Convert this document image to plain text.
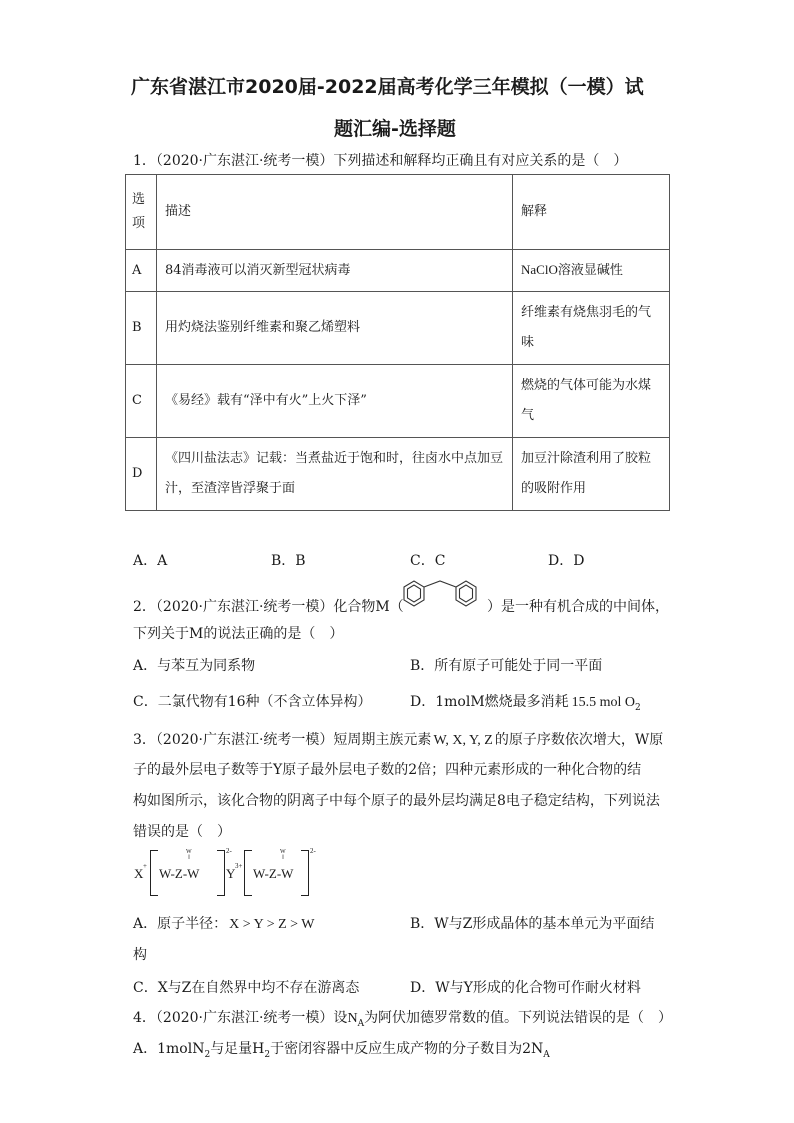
广东省湛江市2020届-2022届高考化学三年模拟（一模）试
题汇编-选择题
1．（2020·广东湛江·统考一模）下列描述和解释均正确且有对应关系的是（　）
选项	描述	解释
A	84消毒液可以消灭新型冠状病毒	NaClO溶液显碱性
B	用灼烧法鉴别纤维素和聚乙烯塑料	纤维素有烧焦羽毛的气味
C	《易经》载有“泽中有火”上火下泽”	燃烧的气体可能为水煤气
D	《四川盐法志》记载：当煮盐近于饱和时，往卤水中点加豆汁，至渣滓皆浮聚于面	加豆汁除渣利用了胶粒的吸附作用
A．A	B．B	C．C	D．D
2．（2020·广东湛江·统考一模）化合物M（	）是一种有机合成的中间体，
下列关于M的说法正确的是（　）
A．与苯互为同系物	B．所有原子可能处于同一平面
C．二氯代物有16种（不含立体异构）	D．1molM燃烧最多消耗 15.5 mol $O_2$
3．（2020·广东湛江·统考一模）短周期主族元素 W, X, Y, Z 的原子序数依次增大，W原
子的最外层电子数等于Y原子最外层电子数的2倍；四种元素形成的一种化合物的结
构如图所示，该化合物的阴离子中每个原子的最外层均满足8电子稳定结构，下列说法
错误的是（　）
X +
W
‖
W-Z-W
2-
Y 3+
W
‖
W-Z-W
2-
A．原子半径： X > Y > Z > W	B．W与Z形成晶体的基本单元为平面结
构
C．X与Z在自然界中均不存在游离态	D．W与Y形成的化合物可作耐火材料
4．（2020·广东湛江·统考一模）设$N_A$为阿伏加德罗常数的值。下列说法错误的是（　）
A．1molN$_2$与足量$H_2$于密闭容器中反应生成产物的分子数目为$2N_A$
